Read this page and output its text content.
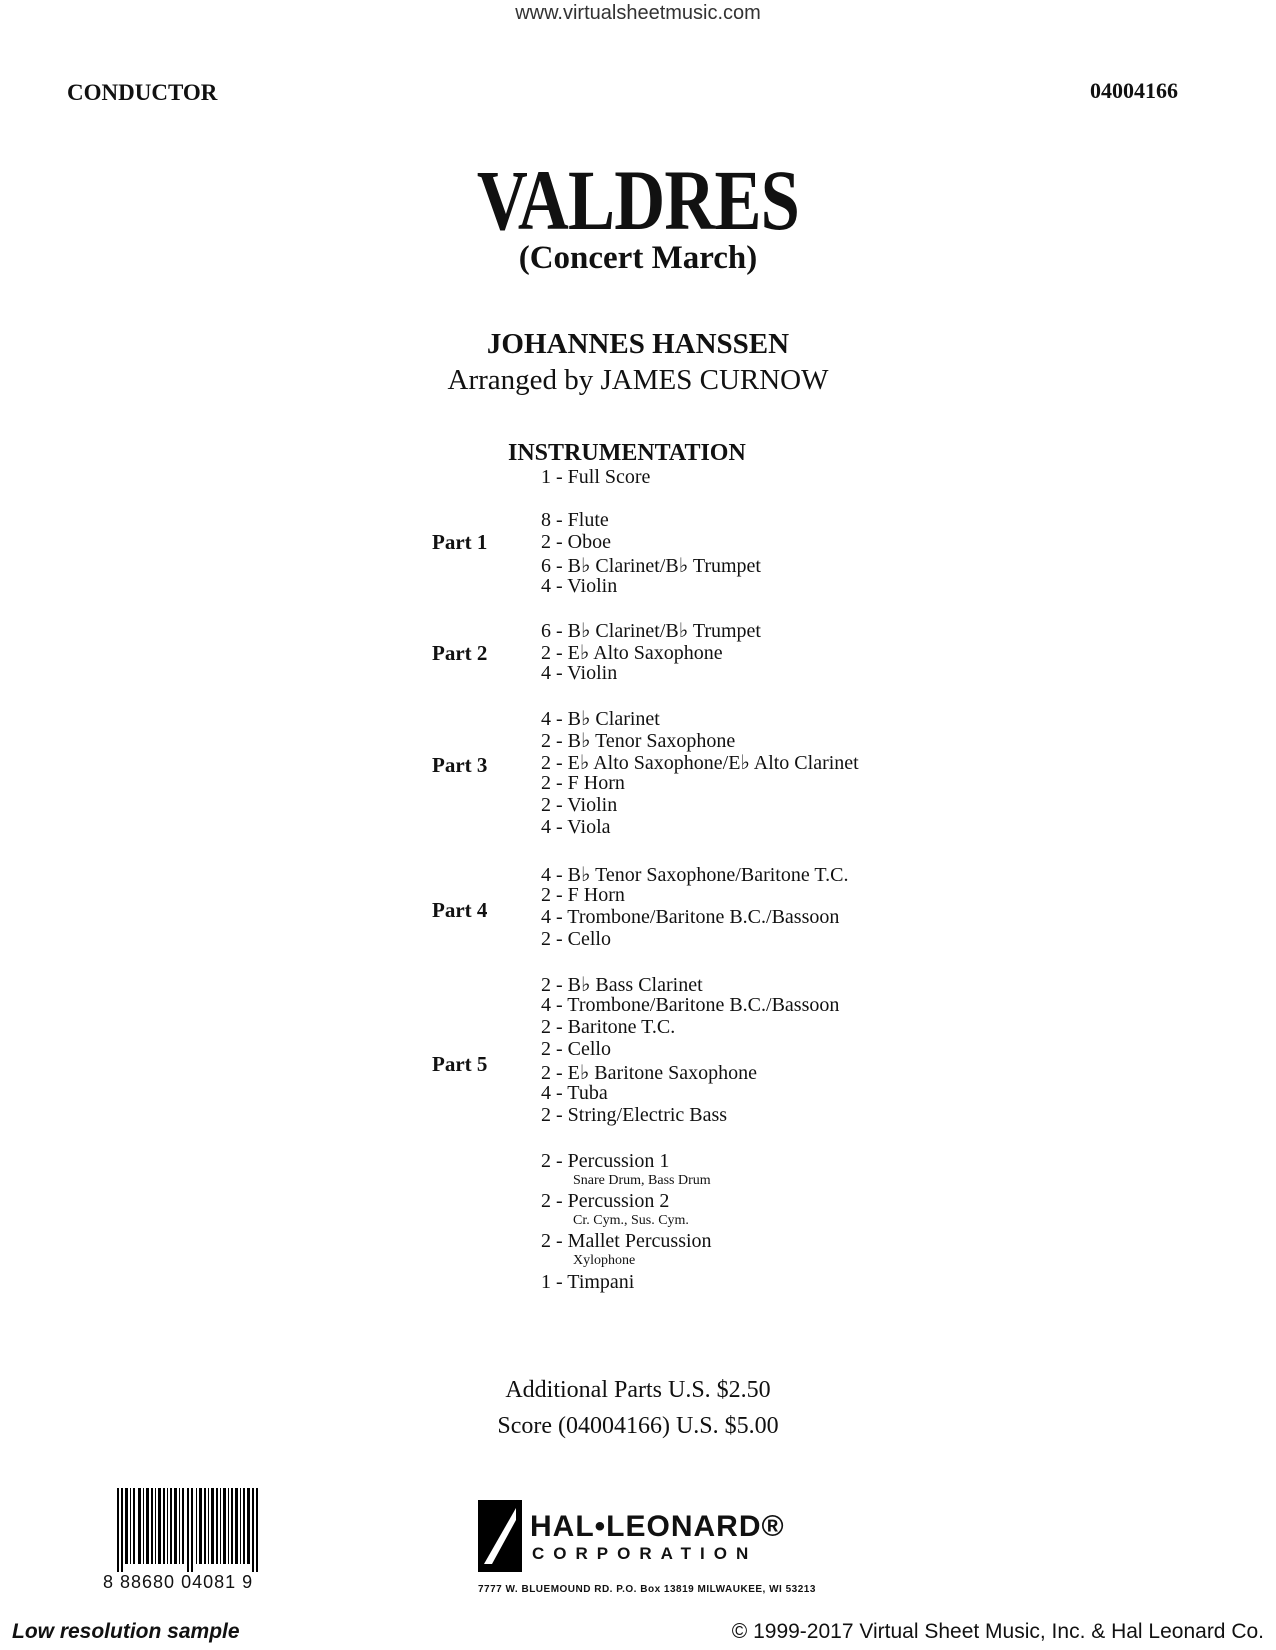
www.virtualsheetmusic.com
CONDUCTOR	04004166
VALDRES
(Concert March)
JOHANNES HANSSEN
Arranged by JAMES CURNOW
INSTRUMENTATION
1 - Full Score
Part 1
8 - Flute
2 - Oboe
6 - B♭ Clarinet/B♭ Trumpet
4 - Violin
Part 2
6 - B♭ Clarinet/B♭ Trumpet
2 - E♭ Alto Saxophone
4 - Violin
Part 3
4 - B♭ Clarinet
2 - B♭ Tenor Saxophone
2 - E♭ Alto Saxophone/E♭ Alto Clarinet
2 - F Horn
2 - Violin
4 - Viola
Part 4
4 - B♭ Tenor Saxophone/Baritone T.C.
2 - F Horn
4 - Trombone/Baritone B.C./Bassoon
2 - Cello
Part 5
2 - B♭ Bass Clarinet
4 - Trombone/Baritone B.C./Bassoon
2 - Baritone T.C.
2 - Cello
2 - E♭ Baritone Saxophone
4 - Tuba
2 - String/Electric Bass
2 - Percussion 1
Snare Drum, Bass Drum
2 - Percussion 2
Cr. Cym., Sus. Cym.
2 - Mallet Percussion
Xylophone
1 - Timpani
Additional Parts U.S. $2.50
Score (04004166) U.S. $5.00
8 88680 04081 9
HAL•LEONARD®
CORPORATION
7777 W. BLUEMOUND RD. P.O. Box 13819 MILWAUKEE, WI 53213
Low resolution sample	© 1999-2017 Virtual Sheet Music, Inc. & Hal Leonard Co.
